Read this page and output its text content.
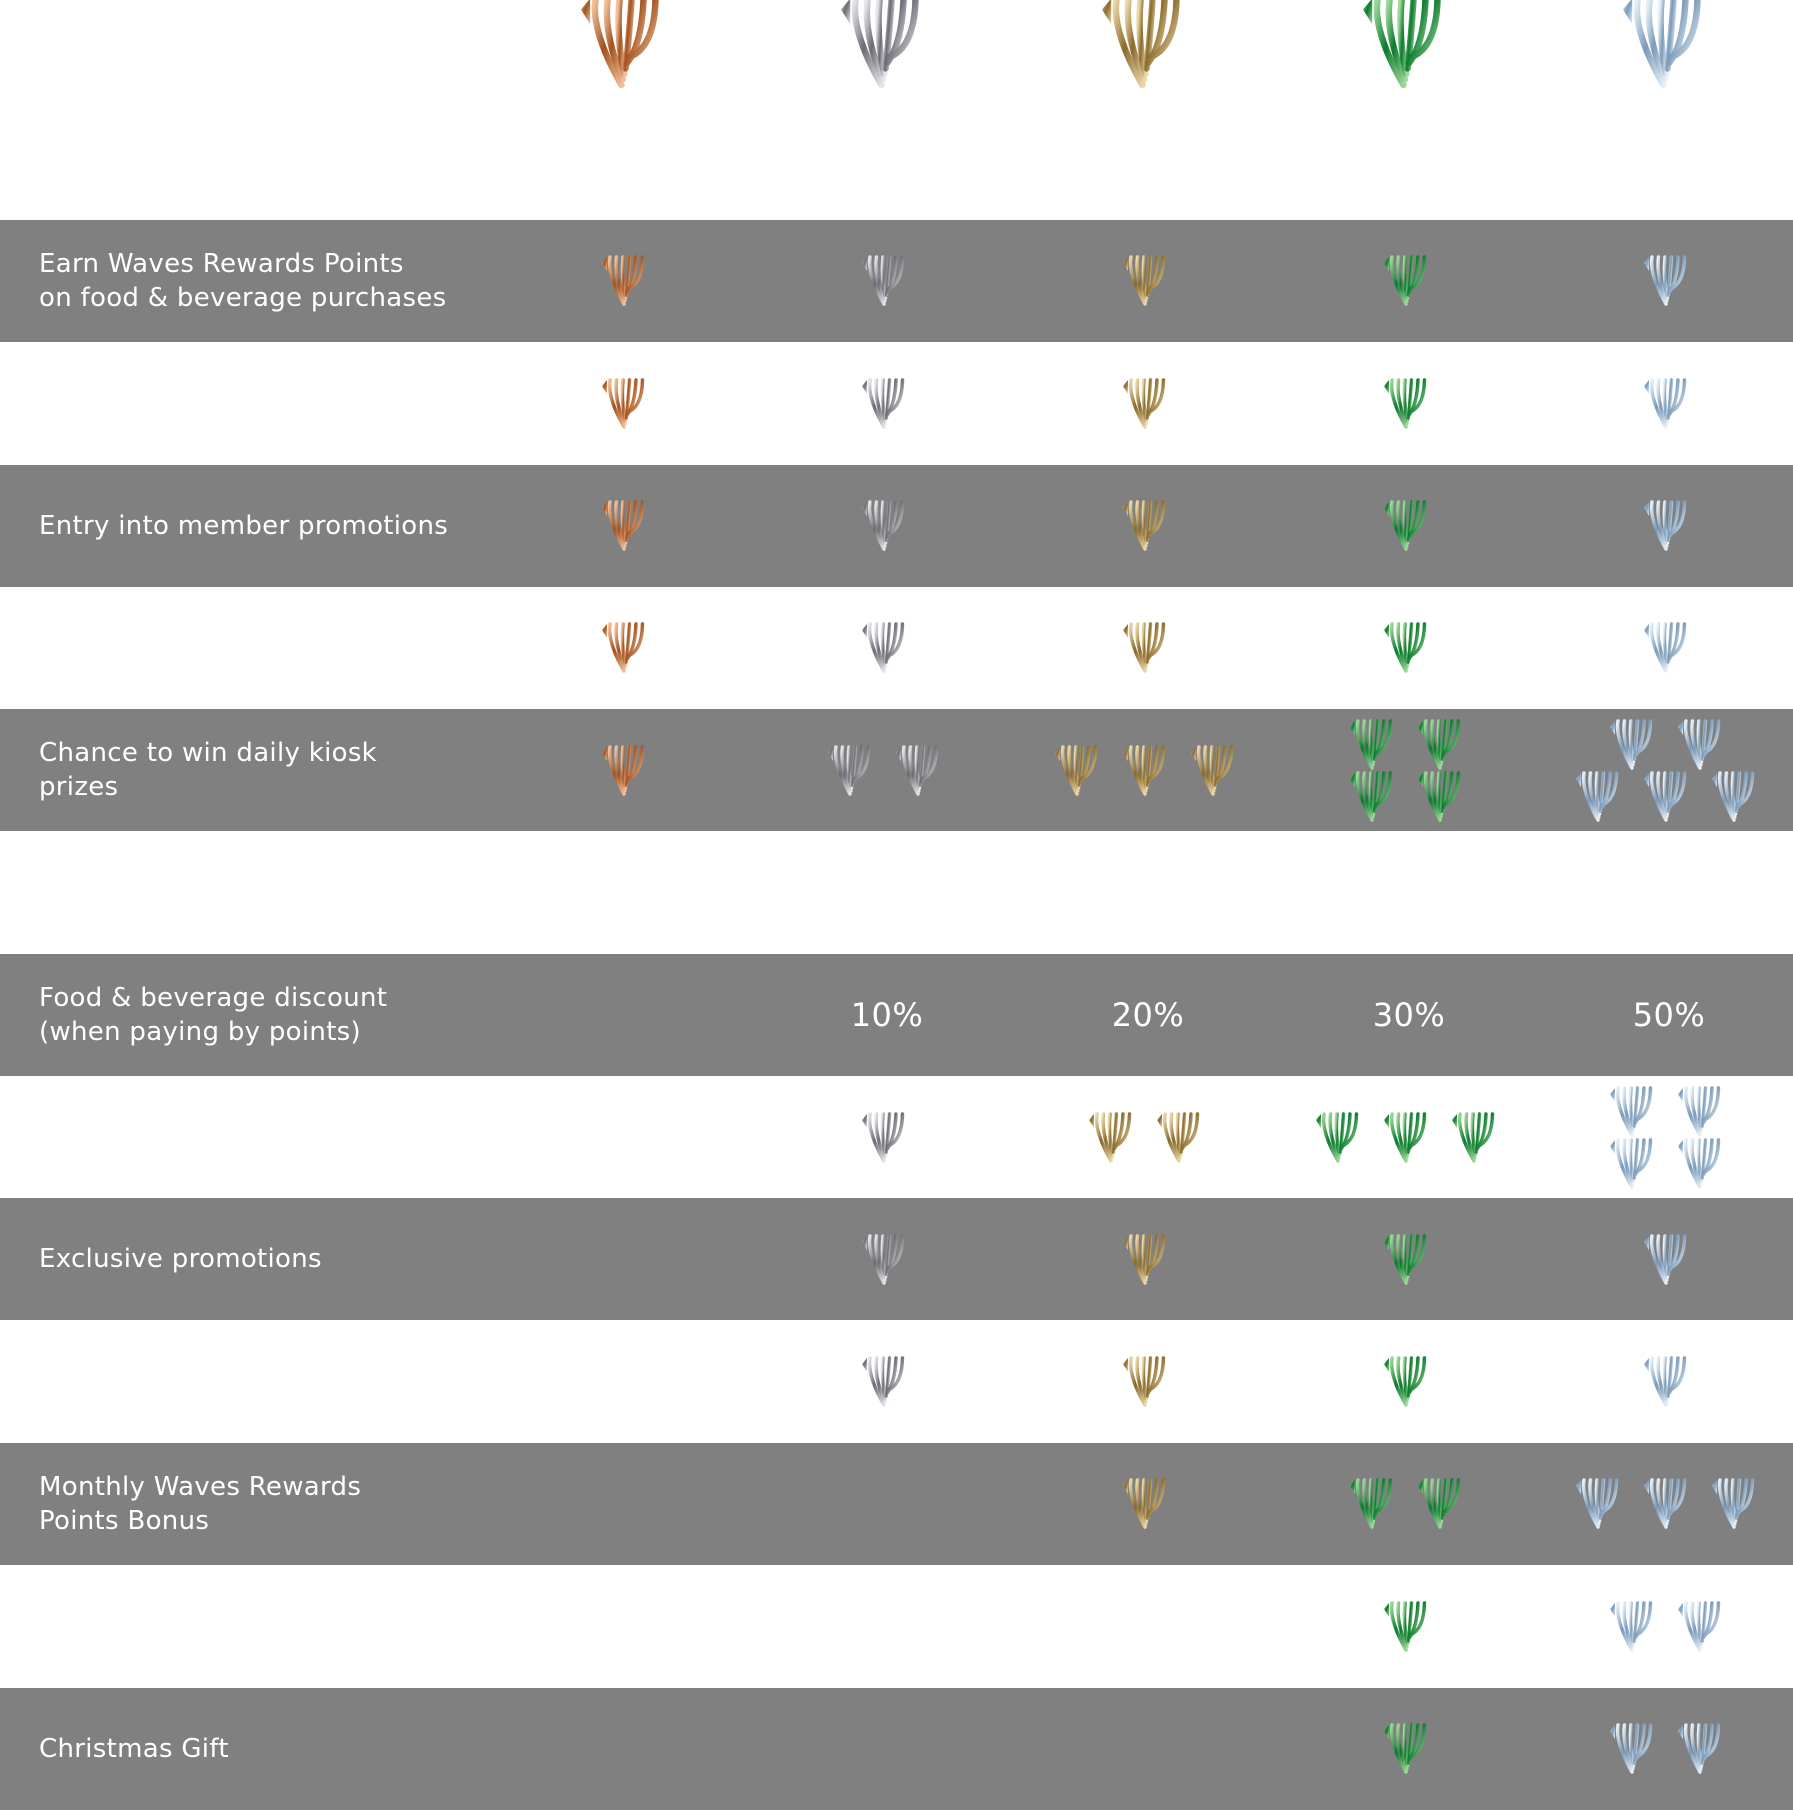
Earn Waves Rewards Points
on food & beverage purchases
Entry into member promotions
Chance to win daily kiosk
prizes
Food & beverage discount
(when paying by points)	10%	20%	30%	50%
Exclusive promotions
Monthly Waves Rewards
Points Bonus
Christmas Gift
